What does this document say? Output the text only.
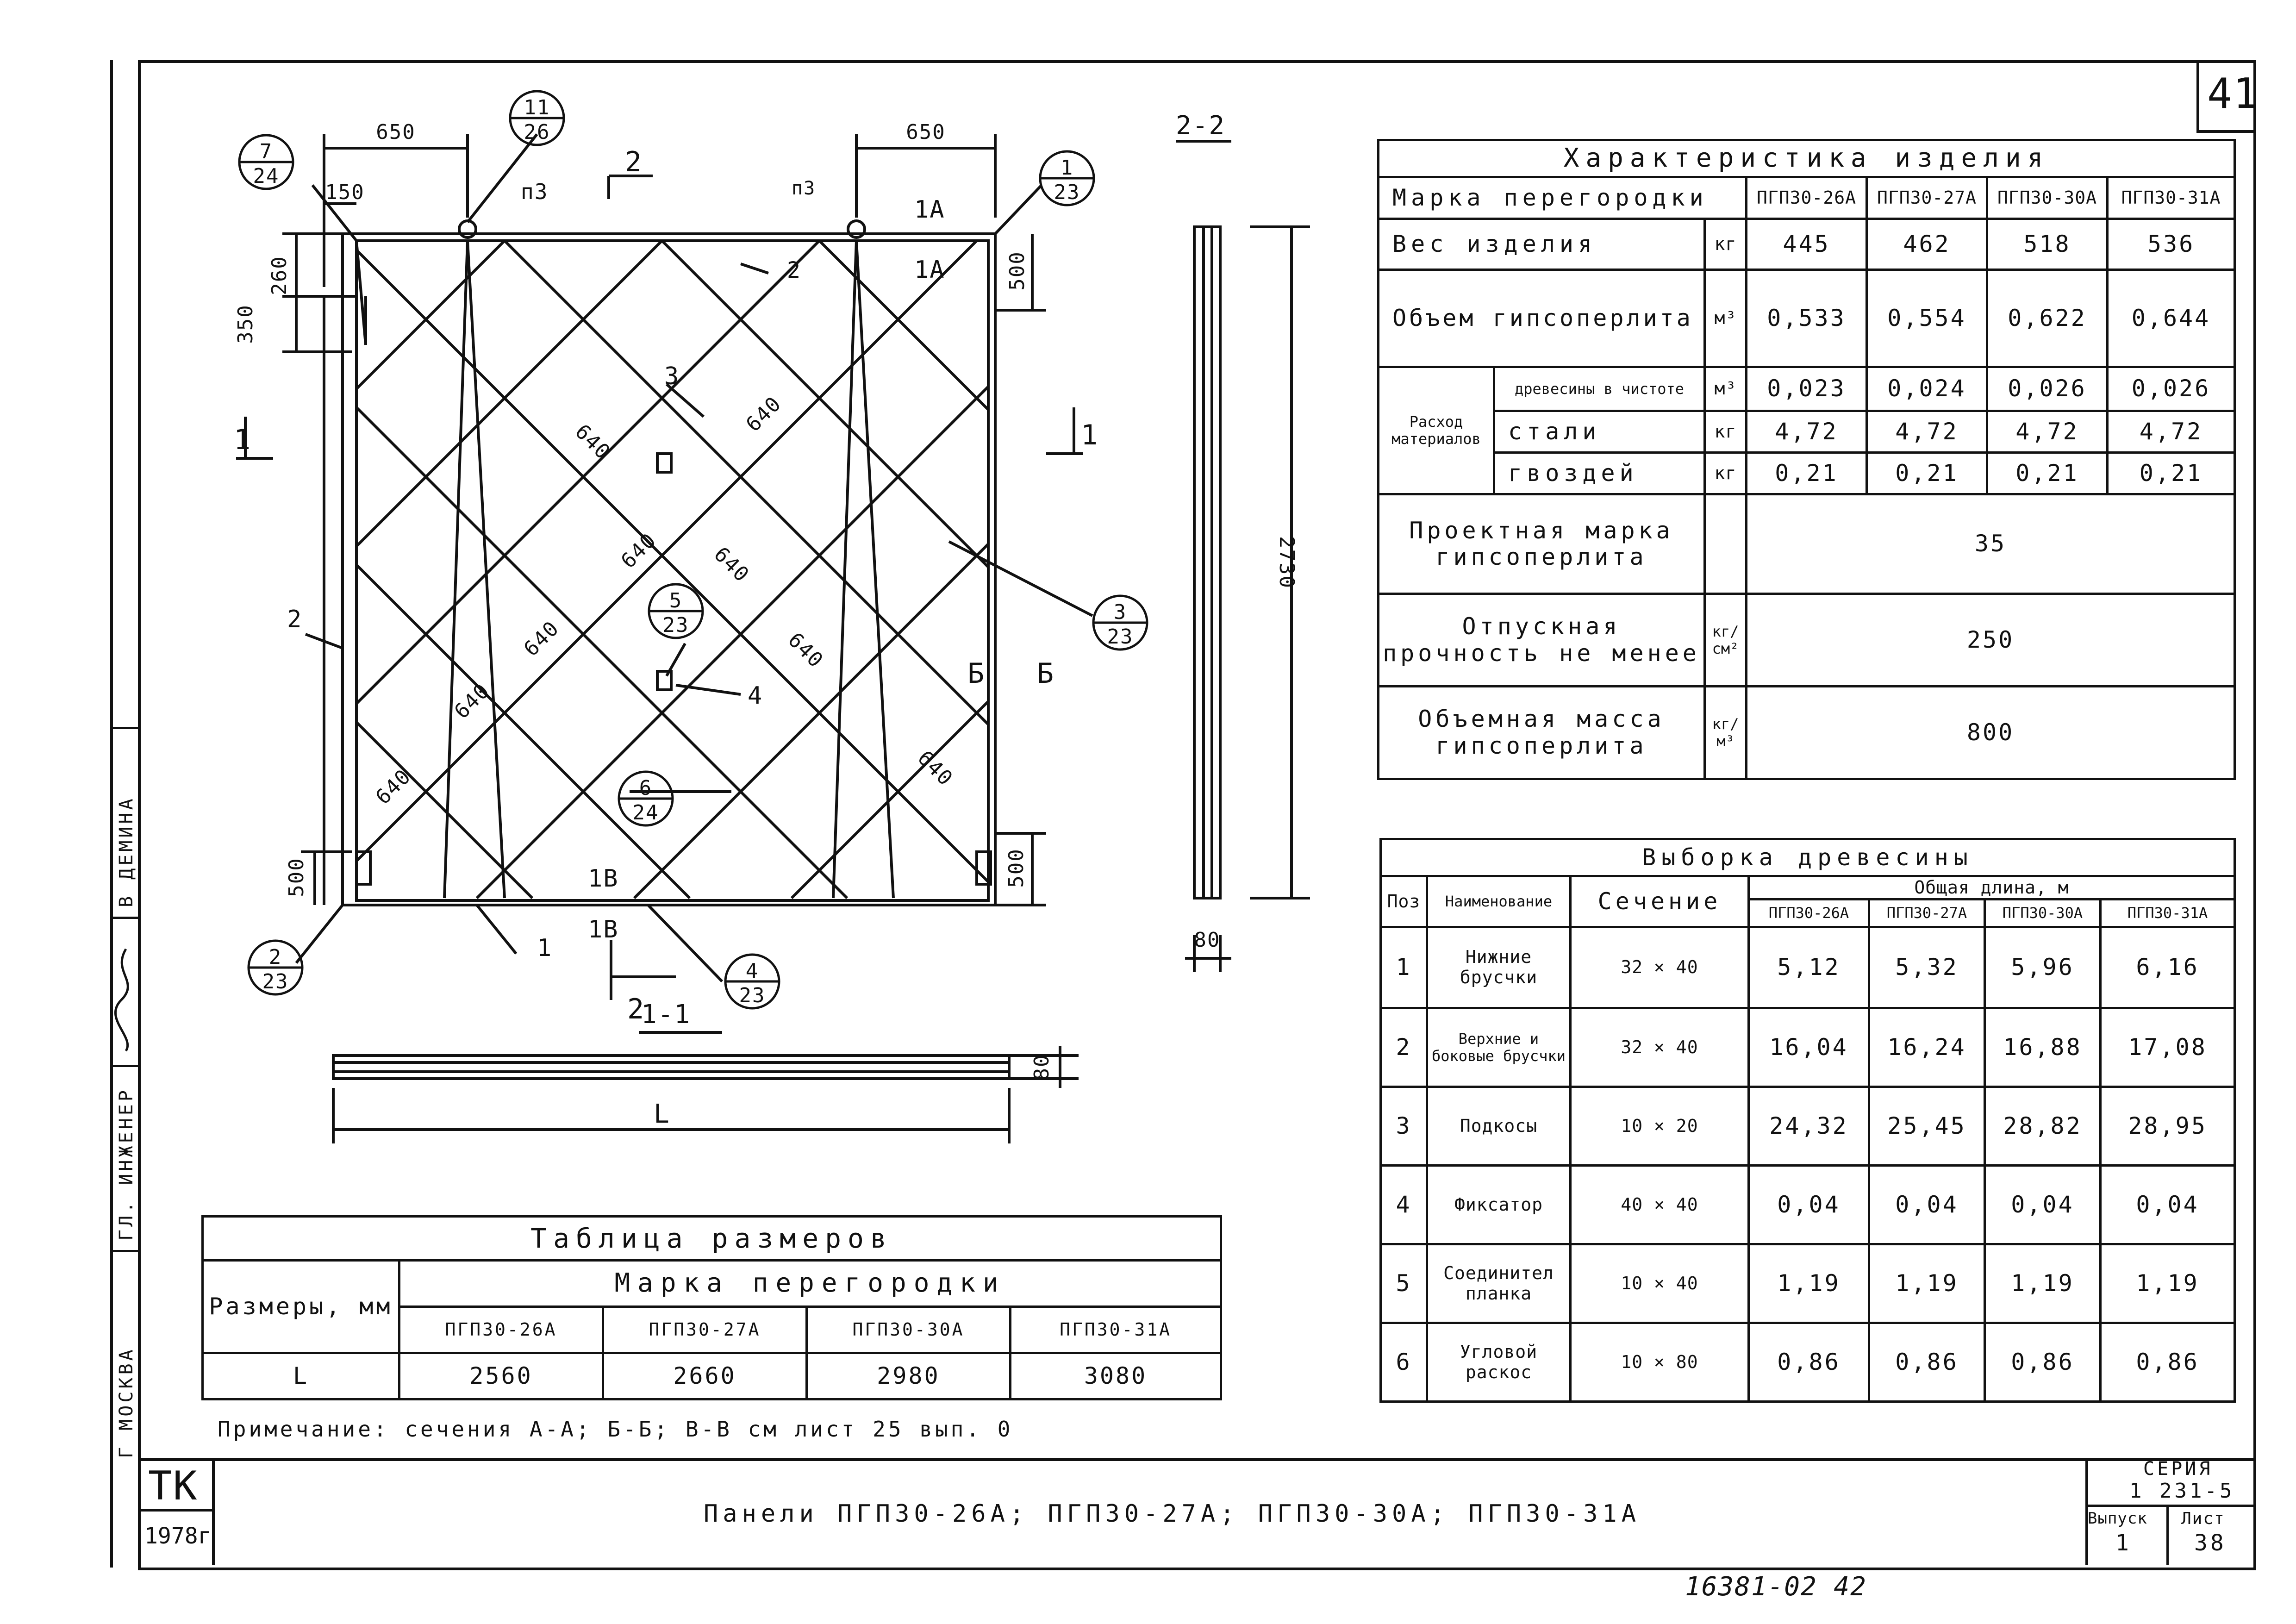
41
В ДЕМИНА
ГЛ. ИНЖЕНЕР
Г МОСКВА
ТК
1978г
Панели ПГП30-26А; ПГП30-27А; ПГП30-30А; ПГП30-31А
СЕРИЯ
1 231-5
Выпуск
1
Лист
38
16381-02 42
7
24
11
26
1
23
3
23
5
23
6
24
2
23	4
23
650	650
150
260
350
500
500	500
2730
80
80
L
640
640
640 640
640	640
640	640
640
п3	п3
2
1А
1А
Б Б
1В
1В
2
2
1	1
1
2
3
4
2-2
1-1
Характеристика изделия						
Марка перегородки			ПГП30-26А	ПГП30-27А	ПГП30-30А	ПГП30-31А
Вес изделия		кг	445	462	518	536
Объем гипсоперлита		м³	0,533	0,554	0,622	0,644
Расход материалов	древесины в чистоте	м³	0,023	0,024	0,026	0,026
	стали	кг	4,72	4,72	4,72	4,72
	гвоздей	кг	0,21	0,21	0,21	0,21
Проектная марка гипсоперлита			35			
Отпускная прочность не менее		кг/см²	250			
Объемная масса гипсоперлита		кг/м³	800			
Выборка древесины						
Поз	Наименование	Сечение	Общая длина, м			
			ПГП30-26А	ПГП30-27А	ПГП30-30А	ПГП30-31А
1	Нижние брусчки	32 × 40	5,12	5,32	5,96	6,16
2	Верхние и боковые брусчки	32 × 40	16,04	16,24	16,88	17,08
3	Подкосы	10 × 20	24,32	25,45	28,82	28,95
4	Фиксатор	40 × 40	0,04	0,04	0,04	0,04
5	Соединител планка	10 × 40	1,19	1,19	1,19	1,19
6	Угловой раскос	10 × 80	0,86	0,86	0,86	0,86
Таблица размеров				
Размеры, мм	Марка перегородки			
	ПГП30-26А	ПГП30-27А	ПГП30-30А	ПГП30-31А
L	2560	2660	2980	3080
Примечание: сечения А-А; Б-Б; В-В см лист 25 вып. 0
